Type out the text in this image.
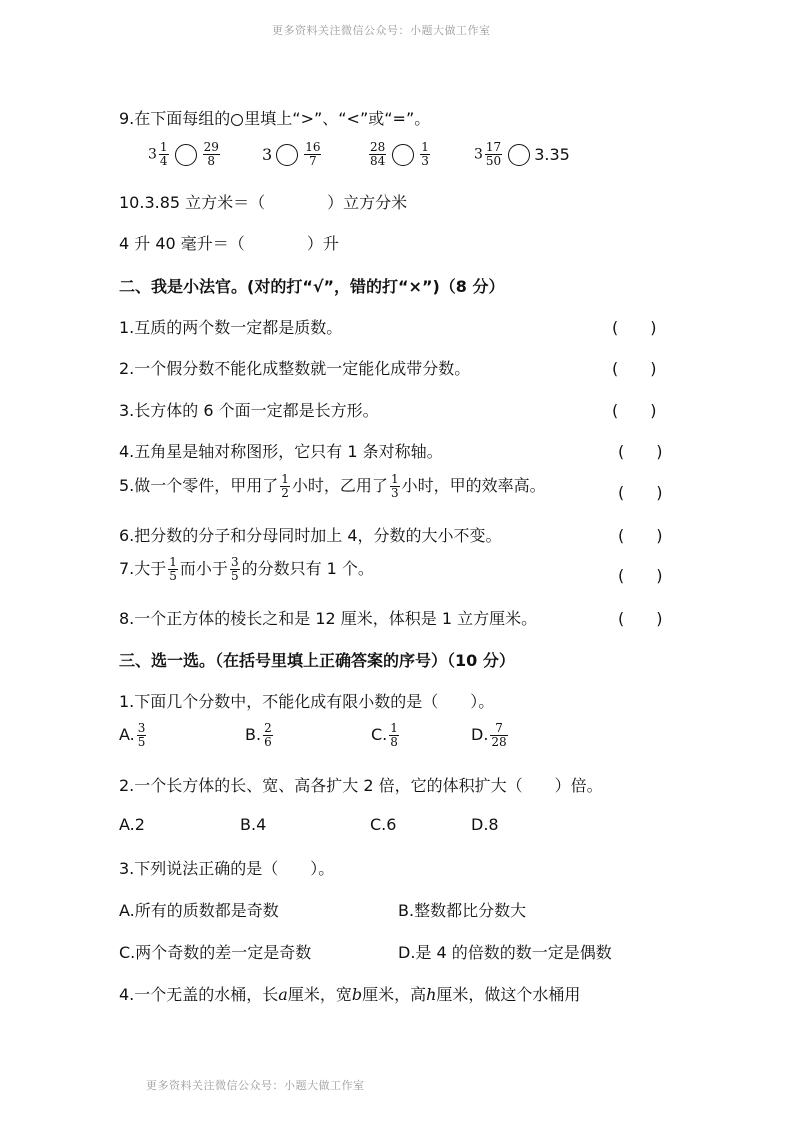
更多资料关注微信公众号：小题大做工作室
更多资料关注微信公众号：小题大做工作室
9.在下面每组的 里填上“>”、“<”或“=”。
$3 \frac{1}{4}$	$\frac{29}{8}$	3	$\frac{16}{7}$	$\frac{28}{84}$	$\frac{1}{3}$	$3 \frac{17}{50} 3.35$
10.3.85 立方米＝（	）立方分米
4 升 40 毫升＝（	）升
二、我是小法官。(对的打“√”，错的打“×”)（8 分）
1.互质的两个数一定都是质数。	(　　)
2.一个假分数不能化成整数就一定能化成带分数。	(　　)
3.长方体的 6 个面一定都是长方形。	(　　)
4.五角星是轴对称图形，它只有 1 条对称轴。	(　　)
5.做一个零件，甲用了 $\frac{1}{2}$ 小时，乙用了 $\frac{1}{3}$ 小时，甲的效率高。	(　　)
6.把分数的分子和分母同时加上 4，分数的大小不变。	(　　)
7.大于 $\frac{1}{5}$ 而小于 $\frac{3}{5}$ 的分数只有 1 个。	(　　)
8.一个正方体的棱长之和是 12 厘米，体积是 1 立方厘米。	(　　)
三、选一选。（在括号里填上正确答案的序号）（10 分）
1.下面几个分数中，不能化成有限小数的是（　　）。
A. $\frac{3}{5}$	B. $\frac{2}{6}$	C. $\frac{1}{8}$	D. $\frac{7}{28}$
2.一个长方体的长、宽、高各扩大 2 倍，它的体积扩大（　　）倍。
A.2	B.4	C.6	D.8
3.下列说法正确的是（　　）。
A.所有的质数都是奇数	B.整数都比分数大
C.两个奇数的差一定是奇数	D.是 4 的倍数的数一定是偶数
4.一个无盖的水桶，长a厘米，宽b厘米，高h厘米，做这个水桶用
